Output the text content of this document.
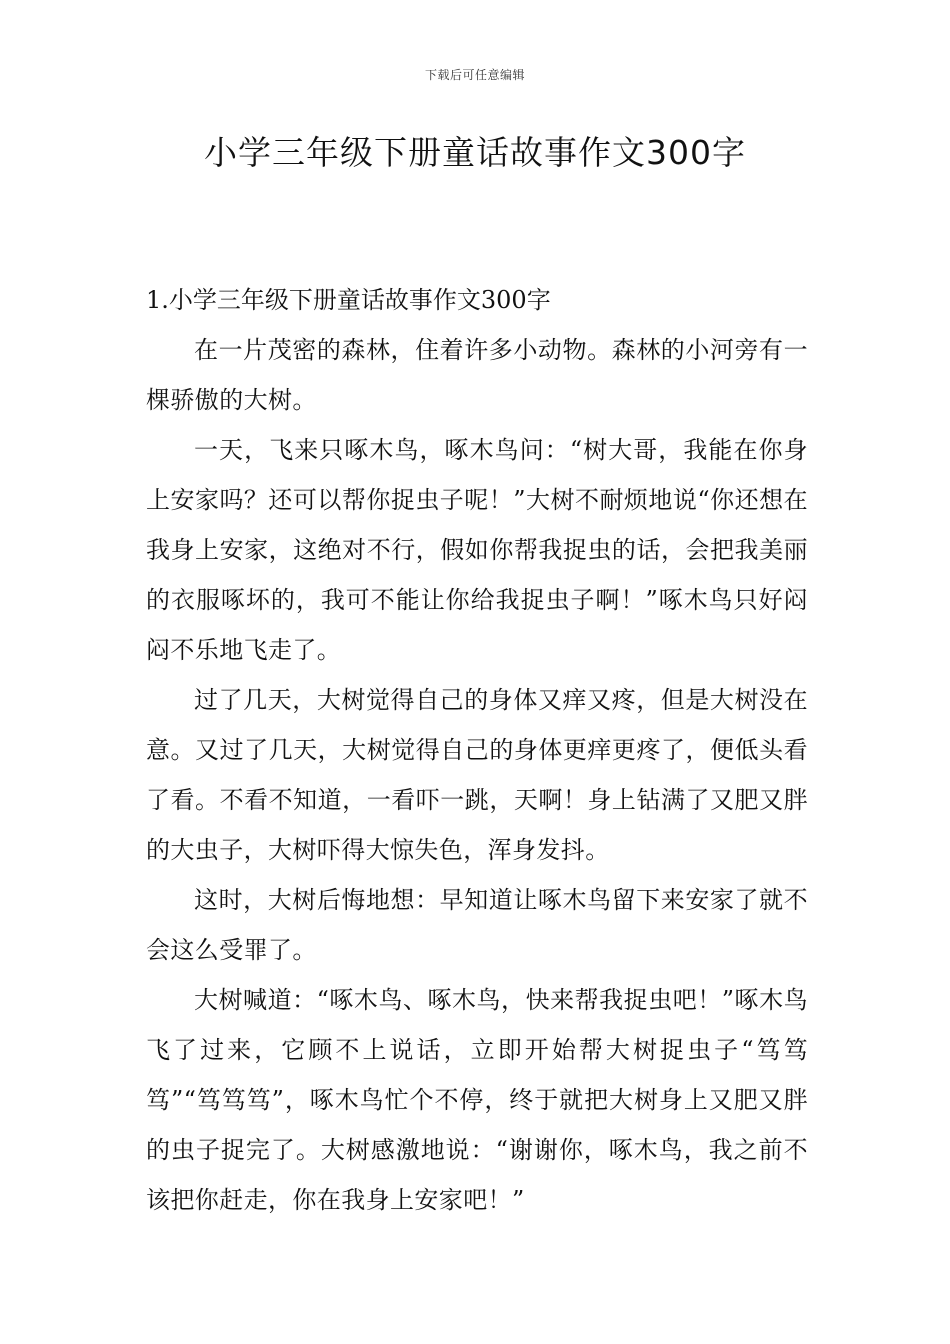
下载后可任意编辑
小学三年级下册童话故事作文300字
1.小学三年级下册童话故事作文300字

在一片茂密的森林，住着许多小动物。森林的小河旁有一棵骄傲的大树。

一天，飞来只啄木鸟，啄木鸟问：“树大哥，我能在你身上安家吗？还可以帮你捉虫子呢！”大树不耐烦地说“你还想在我身上安家，这绝对不行，假如你帮我捉虫的话，会把我美丽的衣服啄坏的，我可不能让你给我捉虫子啊！”啄木鸟只好闷闷不乐地飞走了。

过了几天，大树觉得自己的身体又痒又疼，但是大树没在意。又过了几天，大树觉得自己的身体更痒更疼了，便低头看了看。不看不知道，一看吓一跳，天啊！身上钻满了又肥又胖的大虫子，大树吓得大惊失色，浑身发抖。

这时，大树后悔地想：早知道让啄木鸟留下来安家了就不会这么受罪了。

大树喊道：“啄木鸟、啄木鸟，快来帮我捉虫吧！”啄木鸟飞了过来，它顾不上说话，立即开始帮大树捉虫子“笃笃笃”“笃笃笃”，啄木鸟忙个不停，终于就把大树身上又肥又胖的虫子捉完了。大树感激地说：“谢谢你，啄木鸟，我之前不该把你赶走，你在我身上安家吧！”
